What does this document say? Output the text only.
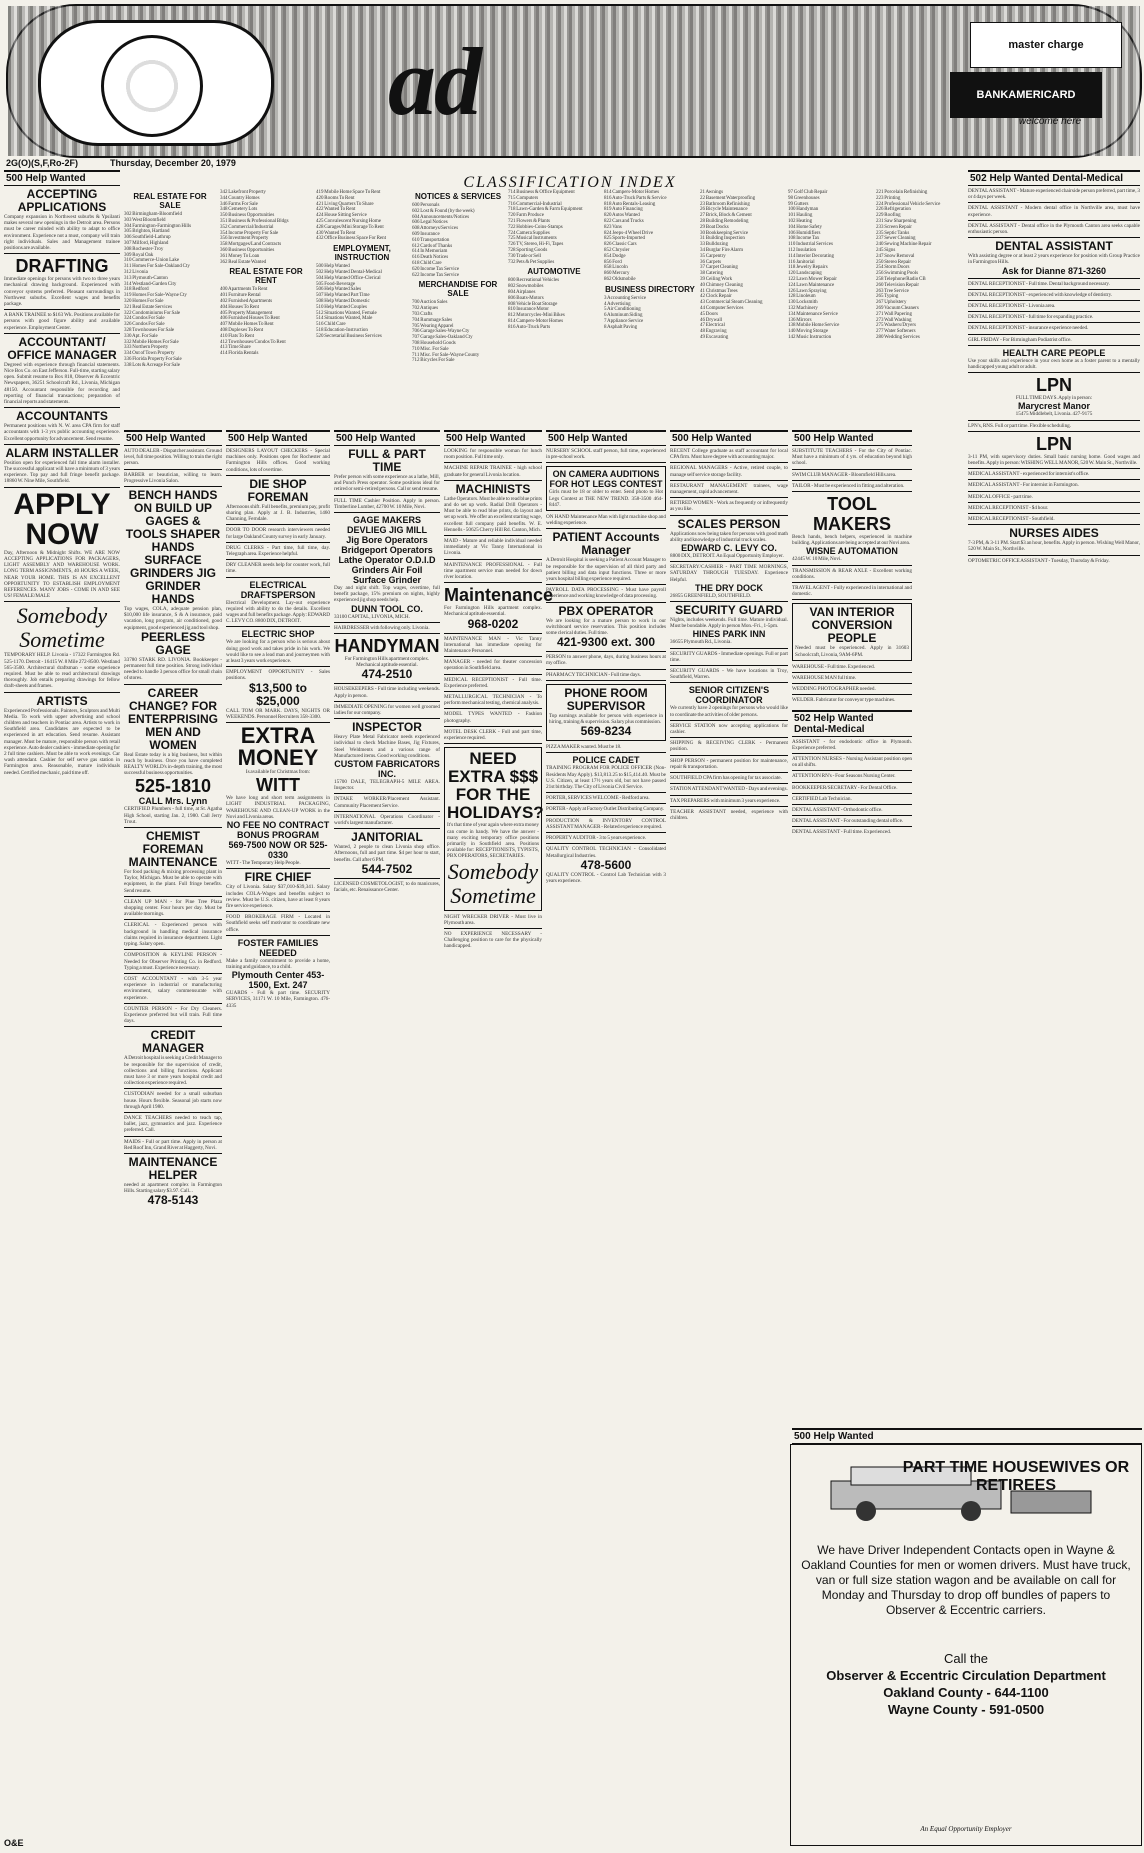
ad	master charge
BANKAMERICARD
welcome here
2G(O)(S,F,Ro-2F)	Thursday, December 20, 1979
CLASSIFICATION INDEX
500 Help Wanted
ACCEPTING APPLICATIONS
Company expansion in Northwest suburbs & Ypsilanti makes several new openings in the Detroit area. Persons must be career minded with ability to adapt to office environment. Experience not a must, company will train right individuals. Sales and Management trainee positions are available.
DRAFTING
Immediate openings for persons with two to three years mechanical drawing background. Experienced with conveyor systems preferred. Pleasant surroundings in Northwest suburbs. Excellent wages and benefits package.
A BANK TRAINEE to $163 Wk. Positions available for persons with good figure ability and available experience. Employment Center.
ACCOUNTANT/ OFFICE MANAGER
Degreed with experience through financial statements. Nice Box Co. on East Jefferson. Full-time, starting salary open. Submit resume to Box 818, Observer & Eccentric Newspapers, 36251 Schoolcraft Rd., Livonia, Michigan 48150. Accountant responsible for recording and reporting of financial transactions; preparation of financial reports and statements.
ACCOUNTANTS
Permanent positions with N. W. area CPA firm for staff accountants with 1-3 yrs public accounting experience. Excellent opportunity for advancement. Send resume.
ALARM INSTALLER
Position open for experienced fall time alarm installer. The successful applicant will have a minimum of 3 years experience. Top pay and full fringe benefit package. 18860 W. Nine Mile, Southfield.
APPLY NOW
Day, Afternoon & Midnight Shifts. WE ARE NOW ACCEPTING APPLICATIONS FOR PACKAGERS, LIGHT ASSEMBLY AND WAREHOUSE WORK. LONG TERM ASSIGNMENTS, 40 HOURS A WEEK, NEAR YOUR HOME. THIS IS AN EXCELLENT OPPORTUNITY TO ESTABLISH EMPLOYMENT REFERENCES. MANY JOBS - COME IN AND SEE US! FEMALE/MALE
Somebody Sometime
TEMPORARY HELP. Livonia - 17322 Farmington Rd. 525-1170. Detroit - 16415 W. 8 Mile 272-8500. Westland 565-3500. Architectural draftsman - some experience required. Must be able to read architectural drawings thoroughly. Job entails preparing drawings for fellow draft-sheets and frames.
ARTISTS
Experienced Professionals. Painters, Sculptors and Multi Media. To work with upper advertising and school children and teachers in Pontiac area. Artists to work in Southfield area. Candidates are expected to be experienced in art education. Send resume. Assistant manager. Must be mature, responsible person with retail experience. Auto dealer cashiers - immediate opening for 2 full time cashiers. Must be able to work evenings. Car wash attendant. Cashier for self serve gas station in Farmington area. Reasonable, mature individuals needed. Certified mechanic, paid time off.
REAL ESTATE FOR SALE
302 Birmingham-Bloomfield
303 West Bloomfield
304 Farmington-Farmington Hills
305 Brighton, Hartland
306 Southfield-Lathrup
307 Milford, Highland
308 Rochester-Troy
309 Royal Oak
310 Commerce-Union Lake
311 Homes For Sale-Oakland Cty
312 Livonia
313 Plymouth-Canton
314 Westland-Garden City
318 Redford
319 Homes For Sale-Wayne Cty
320 Homes For Sale
321 Real Estate Services
322 Condominiums For Sale
324 Condos For Sale
326 Condos For Sale
328 Townhouses For Sale
330 Apt. For Sale
332 Mobile Homes For Sale
333 Northern Property
334 Out of Town Property
336 Florida Property For Sale
338 Lots & Acreage For Sale
342 Lakefront Property
344 Country Homes
346 Farms For Sale
348 Cemetery Lots
350 Business Opportunities
351 Business & Professional Bldgs
352 Commercial/Industrial
354 Income Property For Sale
356 Investment Property
358 Mortgages/Land Contracts
360 Business Opportunities
361 Money To Loan
362 Real Estate Wanted
REAL ESTATE FOR RENT
400 Apartments To Rent
401 Furniture Rental
402 Furnished Apartments
404 Houses To Rent
405 Property Management
406 Furnished Houses To Rent
407 Mobile Homes To Rent
408 Duplexes To Rent
410 Flats To Rent
412 Townhouses/Condos To Rent
413 Time Share
414 Florida Rentals
419 Mobile Home Space To Rent
420 Rooms To Rent
421 Living Quarters To Share
422 Wanted To Rent
424 House Sitting Service
425 Convalescent Nursing Home
428 Garages/Mini Storage To Rent
430 Wanted To Rent
432 Office Business Space For Rent
EMPLOYMENT, INSTRUCTION
500 Help Wanted
502 Help Wanted Dental-Medical
504 Help Wanted Office-Clerical
505 Food-Beverage
506 Help Wanted Sales
507 Help Wanted Part Time
508 Help Wanted Domestic
510 Help Wanted Couples
512 Situations Wanted, Female
514 Situations Wanted, Male
516 Child Care
518 Education-Instruction
520 Secretarial Business Services
NOTICES & SERVICES
600 Personals
602 Lost & Found (by the week)
604 Announcements/Notices
606 Legal Notices
608 Attorneys/Services
609 Insurance
610 Transportation
612 Cards of Thanks
614 In Memoriam
616 Death Notices
618 Child Care
620 Income Tax Service
622 Income Tax Service
MERCHANDISE FOR SALE
700 Auction Sales
702 Antiques
703 Crafts
704 Rummage Sales
705 Wearing Apparel
706 Garage Sales-Wayne Cty
707 Garage Sales-Oakland Cty
708 Household Goods
710 Misc. For Sale
711 Misc. For Sale-Wayne County
712 Bicycles For Sale
714 Business & Office Equipment
715 Computers
716 Commercial-Industrial
718 Lawn-Garden & Farm Equipment
720 Farm Produce
721 Flowers & Plants
722 Hobbies-Coins-Stamps
724 Camera Supplies
725 Musical Instruments
726 TV, Stereo, Hi-Fi, Tapes
728 Sporting Goods
730 Trade or Sell
732 Pets & Pet Supplies
AUTOMOTIVE
800 Recreational Vehicles
802 Snowmobiles
804 Airplanes
806 Boats-Motors
808 Vehicle Boat Storage
810 Insurance Motor
812 Motorcycles-Mini Bikes
814 Campers-Motor Homes
816 Auto-Truck Parts
814 Campers-Motor Homes
816 Auto-Truck Parts & Service
818 Auto Rentals-Leasing
819 Auto Financing
820 Autos Wanted
822 Cars and Trucks
823 Vans
824 Jeeps-4 Wheel Drive
825 Sports-Imported
826 Classic Cars
852 Chrysler
854 Dodge
856 Ford
858 Lincoln
860 Mercury
862 Oldsmobile
BUSINESS DIRECTORY
3 Accounting Service
4 Advertising
5 Air Conditioning
6 Aluminum Siding
7 Appliance Service
8 Asphalt Paving
21 Awnings
22 Basement Waterproofing
23 Bathroom Refinishing
26 Bicycle Maintenance
27 Brick, Block & Cement
28 Building Remodeling
29 Boat Docks
30 Bookkeeping Service
31 Building Inspection
33 Bulldozing
34 Burglar Fire Alarm
35 Carpentry
36 Carpets
37 Carpet Cleaning
38 Catering
39 Ceiling Work
40 Chimney Cleaning
41 Christmas Trees
42 Clock Repair
43 Commercial Steam Cleaning
44 Computer Services
45 Doors
46 Drywall
47 Electrical
48 Engraving
49 Excavating
97 Golf Club Repair
98 Greenhouses
99 Gutters
100 Handyman
101 Hauling
102 Heating
104 Home Safety
106 Humidifiers
108 Income Tax
110 Industrial Services
112 Insulation
114 Interior Decorating
116 Janitorial
118 Jewelry Repairs
120 Landscaping
122 Lawn Mower Repair
124 Lawn Maintenance
126 Lawn Spraying
128 Linoleum
130 Locksmith
132 Machinery
134 Maintenance Service
136 Mirrors
138 Mobile Home Service
140 Moving Storage
142 Music Instruction
221 Porcelain Refinishing
223 Printing
224 Professional Vehicle Service
226 Refrigeration
229 Roofing
231 Saw Sharpening
233 Screen Repair
235 Septic Tanks
237 Sewer Cleaning
240 Sewing Machine Repair
245 Signs
247 Snow Removal
250 Stereo Repair
254 Storm Doors
256 Swimming Pools
258 Telephone/Radio CB
260 Television Repair
263 Tree Service
265 Typing
267 Upholstery
269 Vacuum Cleaners
271 Wall Papering
273 Wall Washing
275 Washers/Dryers
277 Water Softeners
280 Wedding Services
500 Help Wanted
AUTO DEALER - Dispatcher assistant. Ground level, full time position. Willing to train the right person.
BARBER or beautician, willing to learn. Progressive Livonia Salon.
BENCH HANDS ON BUILD UP GAGES & TOOLS SHAPER HANDS SURFACE GRINDERS JIG GRINDER HANDS
Top wages, COLA, adequate pension plan, $10,000 life insurance, S & A insurance, paid vacation, long program, air conditioned, good equipment, good experienced jig and tool shop.
PEERLESS GAGE
33780 STARK RD. LIVONIA. Bookkeeper - permanent full time position. Strong individual needed to handle 3 person office for small chain of stores.
CAREER CHANGE? FOR ENTERPRISING MEN AND WOMEN
Real Estate today is a big business, but within reach by business. Once you have completed REALTY WORLD's in-depth training, the most successful business opportunities.
525-1810
CALL Mrs. Lynn
CERTIFIED Plumbers - full time, at St. Agatha High School, starting Jan. 2, 1980. Call Jerry Trout.
CHEMIST FOREMAN MAINTENANCE
For food packing & mixing processing plant in Taylor, Michigan. Must be able to operate with equipment, in the plant. Full fringe benefits. Send resume.
CLEAN UP MAN - for Pine Tree Plaza shopping center. Four hours per day. Must be available mornings.
CLERICAL - Experienced person with background in handling medical insurance claims required in insurance department. Light typing. Salary open.
COMPOSITION & KEYLINE PERSON - Needed for Observer Printing Co. in Redford. Typing a must. Experience necessary.
COST ACCOUNTANT - with 3-5 year experience in industrial or manufacturing environment, salary commensurate with experience.
COUNTER PERSON - For Dry Cleaners. Experience preferred but will train. Full time days.
CREDIT MANAGER
A Detroit hospital is seeking a Credit Manager to be responsible for the supervision of credit, collections and billing functions. Applicant must have 3 or more years hospital credit and collection experience required.
CUSTODIAN needed for a small suburban house. Hours flexible. Seasonal job starts now through April 1980.
DANCE TEACHERS needed to teach tap, ballet, jazz, gymnastics and jazz. Experience preferred. Call.
MAIDS - Full or part time. Apply in person at Red Roof Inn, Grand River at Haggerty, Novi.
MAINTENANCE HELPER
needed at apartment complex in Farmington Hills. Starting salary $3.97. Call...
478-5143
500 Help Wanted
DESIGNERS LAYOUT CHECKERS - Special machines only. Positions open for Rochester and Farmington Hills offices. Good working conditions, lots of overtime.
DIE SHOP FOREMAN
Afternoons shift. Full benefits, premium pay, profit sharing plan. Apply at J. B. Industries, 1460 Channing, Ferndale.
DOOR TO DOOR research interviewers needed for large Oakland County survey in early January.
DRUG CLERKS - Part time, full time, day. Telegraph area. Experience helpful.
DRY CLEANER needs help for counter work, full time.
ELECTRICAL DRAFTSPERSON
Electrical Development. Lay-out experience required with ability to do the details. Excellent wages and full benefits package. Apply: EDWARD C. LEVY CO. 8800 DIX, DETROIT.
ELECTRIC SHOP
We are looking for a person who is serious about doing good work and takes pride in his work. We would like to see a lead man and journeymen with at least 3 years work experience.
EMPLOYMENT OPPORTUNITY - Sales positions.
$13,500 to $25,000
CALL TOM OR MARK. DAYS, NIGHTS OR WEEKENDS. Personnel Recruiters 358-3300.
EXTRA MONEY
Is available for Christmas from:
WITT
We have long and short term assignments in LIGHT INDUSTRIAL PACKAGING, WAREHOUSE AND CLEAN-UP WORK in the Novi and Livonia areas.
NO FEE NO CONTRACT BONUS PROGRAM
569-7500 NOW OR 525-0330
WITT - The Temporary Help People.
FIRE CHIEF
City of Livonia. Salary $37,010-$39,341. Salary includes COLA-Wages and benefits subject to review. Must be U.S. citizen, have at least 8 years fire service experience.
FOOD BROKERAGE FIRM - Located in Southfield seeks self motivator to coordinate new office.
FOSTER FAMILIES NEEDED
Make a family commitment to provide a home, training and guidance, to a child.
Plymouth Center 453-1500, Ext. 247
GUARDS - Full & part time. SECURITY SERVICES, 31171 W. 10 Mile, Farmington. 476-4335
500 Help Wanted
FULL & PART TIME
Prefer person with some experience as a lathe, Mill, and Punch Press operator. Some positions ideal for retired or semi-retired persons. Call or send resume.
FULL TIME Cashier Position. Apply in person. Timberline Lumber, 42700 W. 10 Mile, Novi.
GAGE MAKERS DEVLIEG JIG MILL
Jig Bore Operators Bridgeport Operators Lathe Operator O.D.I.D Grinders Air Foil Surface Grinder
Day and night shift. Top wages, overtime, full benefit package, 15% premium on nights, highly experienced jig shop needs help.
DUNN TOOL CO.
33100 CAPITAL, LIVONIA, MICH.
HAIRDRESSER with following only. Livonia.
HANDYMAN
For Farmington Hills apartment complex. Mechanical aptitude essential.
474-2510
HOUSEKEEPERS - Full time including weekends. Apply in person.
IMMEDIATE OPENING for women well groomed ladies for our company.
INSPECTOR
Heavy Plate Metal Fabricator needs experienced individual to check Machine Bases, Jig Fixtures, Steel Weldments and a various range of Manufactured items. Good working conditions.
CUSTOM FABRICATORS INC.
15700 DALE, TELEGRAPH-5 MILE AREA. Inspector.
INTAKE WORKER/Placement Assistant. Community Placement Service.
INTERNATIONAL Operations Coordinator - world's largest manufacturer.
JANITORIAL
Wanted, 2 people to clean Livonia shop office. Afternoons, full and part time. $4 per hour to start, benefits. Call after 6 PM.
544-7502
LICENSED COSMETOLOGIST, to do manicures, facials, etc. Renaissance Center.
500 Help Wanted
LOOKING for responsible woman for lunch room position. Full time only.
MACHINE REPAIR TRAINEE - high school graduate for general Livonia location.
MACHINISTS
Lathe Operators. Must be able to read blue prints and do set up work. Radial Drill Operators - Must be able to read blue prints, do layout and set up work. We offer an excellent starting wage, excellent full company paid benefits. W. E. Hennells - 50625 Cherry Hill Rd. Canton, Mich.
MAID - Mature and reliable individual needed immediately at Vic Tanny International in Livonia.
MAINTENANCE PROFESSIONAL - Full time apartment service man needed for down river location.
Maintenance
For Farmington Hills apartment complex. Mechanical aptitude essential.
968-0202
MAINTENANCE MAN - Vic Tanny International has immediate opening for Maintenance Personnel.
MANAGER - needed for theater concession operation in Southfield area.
MEDICAL RECEPTIONIST - Full time. Experience preferred.
METALLURGICAL TECHNICIAN - To perform mechanical testing, chemical analysis.
MODEL TYPES WANTED - Fashion photography.
MOTEL DESK CLERK - Full and part time, experience required.
NEED EXTRA $$$ FOR THE HOLIDAYS?
It's that time of year again where extra money can come in handy. We have the answer - many exciting temporary office positions primarily in Southfield area. Positions available for: RECEPTIONISTS, TYPISTS, PBX OPERATORS, SECRETARIES.
Somebody Sometime
NIGHT WRECKER DRIVER - Must live in Plymouth area.
NO EXPERIENCE NECESSARY - Challenging position to care for the physically handicapped.
500 Help Wanted
NURSERY SCHOOL staff person, full time, experienced in pre-school work.
ON CAMERA AUDITIONS FOR HOT LEGS CONTEST
Girls must be 18 or older to enter. Send photo to Hot Legs Contest at THE NEW TREND. 358-3500 464-8447.
ON HAND Maintenance Man with light machine shop and welding experience.
PATIENT Accounts Manager
A Detroit Hospital is seeking a Patient Account Manager to be responsible for the supervision of all third party and patient billing and data input functions. Three or more years hospital billing experience required.
PAYROLL DATA PROCESSING - Must have payroll experience and working knowledge of data processing.
PBX OPERATOR
We are looking for a mature person to work in our switchboard service reservation. This position includes some clerical duties. Full time.
421-9300 ext. 300
PERSON to answer phone, days, during business hours at my office.
PHARMACY TECHNICIAN - Full time days.
PHONE ROOM SUPERVISOR
Top earnings available for person with experience in hiring, training & supervision. Salary plus commission.
569-8234
PIZZA MAKER wanted. Must be 18.
POLICE CADET
TRAINING PROGRAM FOR POLICE OFFICER (Non-Residents May Apply). $13,813.25 to $15,414.40. Must be U.S. Citizen, at least 17½ years old, but not have passed 21st birthday. The City of Livonia Civil Service.
PORTER, SERVICES WELCOME - Redford area.
PORTER - Apply at Factory Outlet Distributing Company.
PRODUCTION & INVENTORY CONTROL ASSISTANT MANAGER - Related experience required.
PROPERTY AUDITOR - 3 to 5 years experience.
QUALITY CONTROL TECHNICIAN - Consolidated Metallurgical Industries.
478-5600
QUALITY CONTROL - Control Lab Technician with 3 years experience.
500 Help Wanted
RECENT College graduate as staff accountant for local CPA firm. Must have degree with accounting major.
REGIONAL MANAGERS - Active, retired couple, to manage self service storage facility.
RESTAURANT MANAGEMENT trainees, wage management, rapid advancement.
RETIRED WOMEN - Work as frequently or infrequently as you like.
SCALES PERSON
Applications now being taken for persons with good math ability and knowledge of industrial truck scales.
EDWARD C. LEVY CO.
8800 DIX, DETROIT. An Equal Opportunity Employer.
SECRETARY/CASHIER - PART TIME MORNINGS, SATURDAY THROUGH TUESDAY. Experience Helpful.
THE DRY DOCK
26855 GREENFIELD, SOUTHFIELD.
SECURITY GUARD
Nights, includes weekends. Full time. Mature individual. Must be bondable. Apply in person Mon.-Fri., 1-5pm.
HINES PARK INN
36655 Plymouth Rd., Livonia.
SECURITY GUARDS - Immediate openings. Full or part time.
SECURITY GUARDS - We have locations in Troy, Southfield, Warren.
SENIOR CITIZEN'S COORDINATOR
We currently have 2 openings for persons who would like to coordinate the activities of older persons.
SERVICE STATION now accepting applications for cashier.
SHIPPING & RECEIVING CLERK - Permanent position.
SHOP PERSON - permanent position for maintenance, repair & transportation.
SOUTHFIELD CPA firm has opening for tax associate.
STATION ATTENDANT WANTED - Days and evenings.
TAX PREPARERS with minimum 3 years experience.
TEACHER ASSISTANT needed, experience with children.
500 Help Wanted
SUBSTITUTE TEACHERS - For the City of Pontiac. Must have a minimum of 4 yrs. of education beyond high school.
SWIM CLUB MANAGER - Bloomfield Hills area.
TAILOR - Must be experienced in fitting and alteration.
TOOL MAKERS
Bench hands, bench helpers, experienced in machine building. Applications are being accepted at our Novi area.
WISNE AUTOMATION
42445 W. 10 Mile, Novi.
TRANSMISSION & REAR AXLE - Excellent working conditions.
TRAVEL AGENT - Fully experienced in international and domestic.
VAN INTERIOR CONVERSION PEOPLE
Needed must be experienced. Apply in 31603 Schoolcraft, Livonia, 9AM-6PM.
WAREHOUSE - Full time. Experienced.
WAREHOUSE MAN full time.
WEDDING PHOTOGRAPHER needed.
WELDER. Fabricator for conveyor type machines.
502 Help Wanted Dental-Medical
ASSISTANT - for endodontic office in Plymouth. Experience preferred.
ATTENTION NURSES - Nursing Assistant position open on all shifts.
ATTENTION RN's - Four Seasons Nursing Center.
BOOKKEEPER/SECRETARY - For Dental Office.
CERTIFIED Lab Technician.
DENTAL ASSISTANT - Orthodontic office.
DENTAL ASSISTANT - For outstanding dental office.
DENTAL ASSISTANT - Full time. Experienced.
502 Help Wanted Dental-Medical
DENTAL ASSISTANT - Mature experienced chairside person preferred, part time, 3 or 4 days per week.
DENTAL ASSISTANT - Modern dental office in Northville area, must have experience.
DENTAL ASSISTANT - Dental office in the Plymouth Canton area seeks capable enthusiastic person.
DENTAL ASSISTANT
With assisting degree or at least 2 years experience for position with Group Practice in Farmington Hills.
Ask for Dianne 871-3260
DENTAL RECEPTIONIST - Full time. Dental background necessary.
DENTAL RECEPTIONIST - experienced with knowledge of dentistry.
DENTAL RECEPTIONIST - Livonia area.
DENTAL RECEPTIONIST - full time for expanding practice.
DENTAL RECEPTIONIST - insurance experience needed.
GIRL FRIDAY - For Birmingham Podiatrist office.
HEALTH CARE PEOPLE
Use your skills and experience in your own home as a foster parent to a mentally handicapped young adult or adult.
LPN
FULL TIME DAYS. Apply in person:
Marycrest Manor
15475 Middlebelt, Livonia. 427-9175
LPN's, RNS. Full or part time. Flexible scheduling.
LPN
3-11 PM, with supervisory duties. Small basic nursing home. Good wages and benefits. Apply in person: WISHING WELL MANOR, 520 W. Main St., Northville.
MEDICAL ASSISTANT - experienced for internist's office.
MEDICAL ASSISTANT - For internist in Farmington.
MEDICAL OFFICE - part time.
MEDICAL RECEPTIONIST - $4 hour.
MEDICAL RECEPTIONIST - Southfield.
NURSES AIDES
7-3 PM, & 3-11 PM. Start $3 an hour, benefits. Apply in person. Wishing Well Manor, 520 W. Main St., Northville.
OPTOMETRIC OFFICE ASSISTANT - Tuesday, Thursday & Friday.
500 Help Wanted
PART TIME HOUSEWIVES OR RETIREES
We have Driver Independent Contacts open in Wayne & Oakland Counties for men or women drivers. Must have truck, van or full size station wagon and be available on call for Monday and Thursday to drop off bundles of papers to Observer & Eccentric carriers.
Call the
Observer & Eccentric Circulation Department
Oakland County - 644-1100
Wayne County - 591-0500
An Equal Opportunity Employer
O&E
